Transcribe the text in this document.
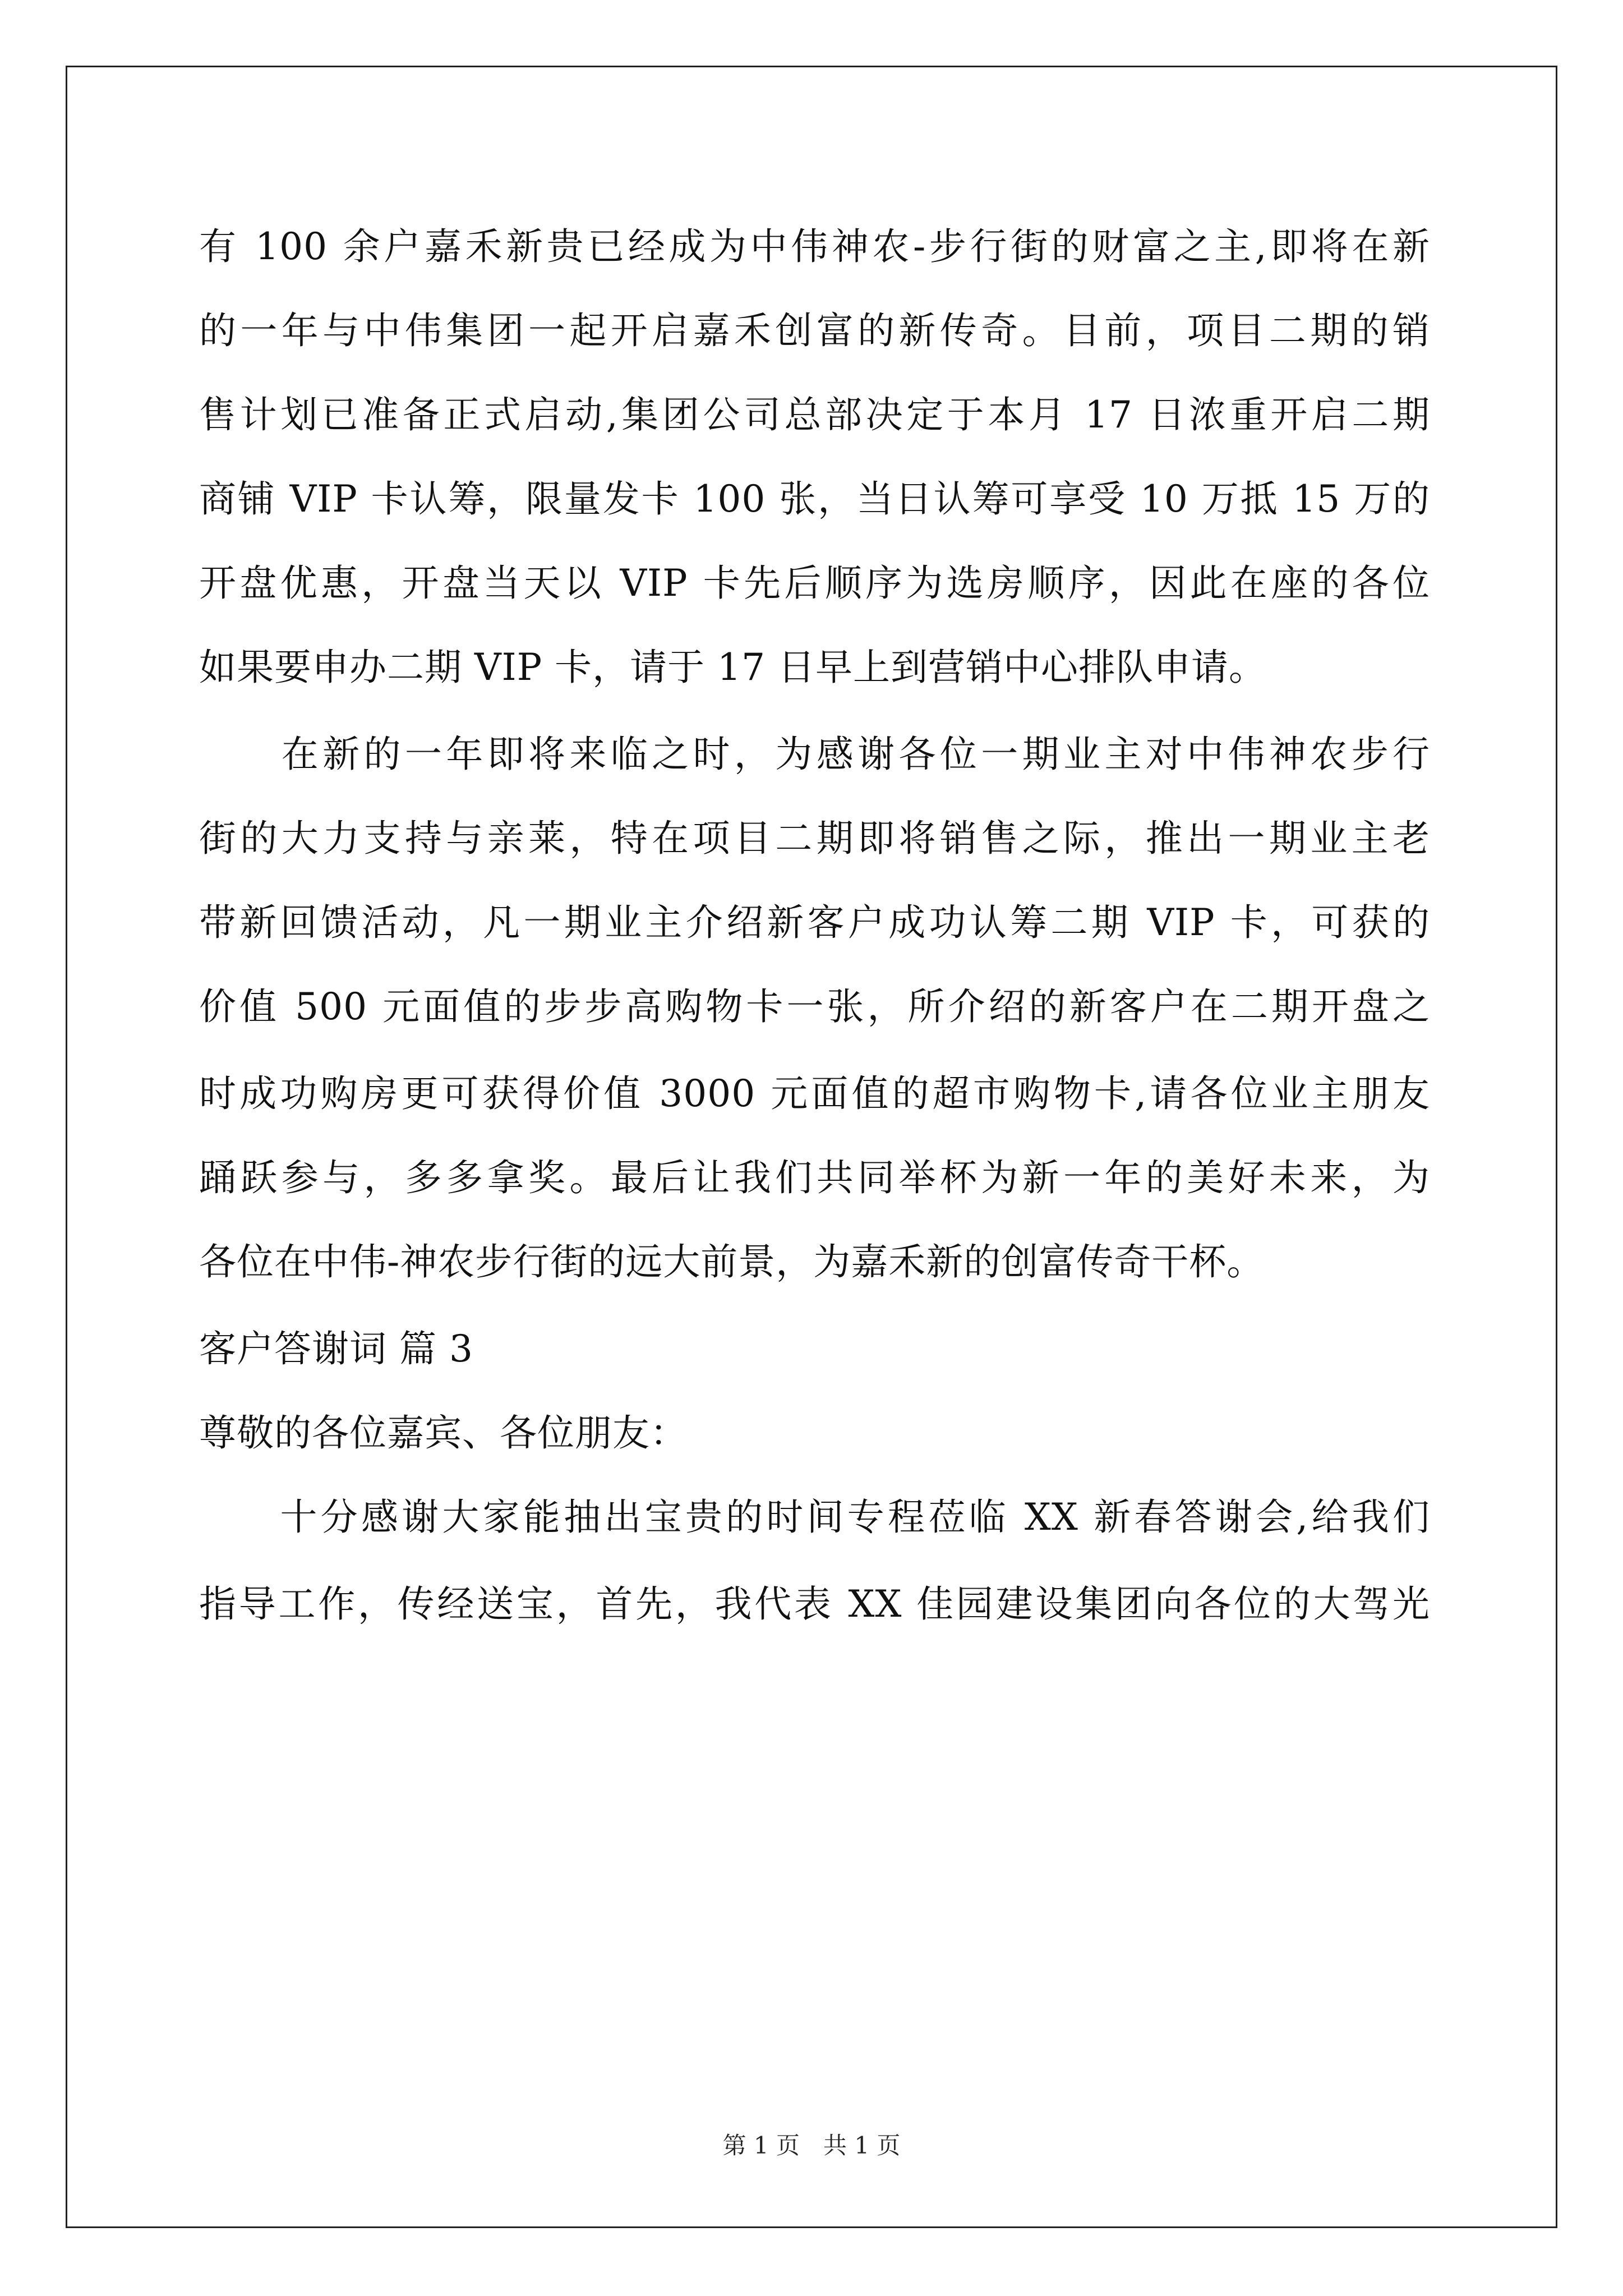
有 100 余户嘉禾新贵已经成为中伟神农-步行街的财富之主,即将在新
的一年与中伟集团一起开启嘉禾创富的新传奇。目前，项目二期的销
售计划已准备正式启动,集团公司总部决定于本月 17 日浓重开启二期
商铺 VIP 卡认筹，限量发卡 100 张，当日认筹可享受 10 万抵 15 万的
开盘优惠，开盘当天以 VIP 卡先后顺序为选房顺序，因此在座的各位
如果要申办二期 VIP 卡，请于 17 日早上到营销中心排队申请。
　　在新的一年即将来临之时，为感谢各位一期业主对中伟神农步行
街的大力支持与亲莱，特在项目二期即将销售之际，推出一期业主老
带新回馈活动，凡一期业主介绍新客户成功认筹二期 VIP 卡，可获的
价值 500 元面值的步步高购物卡一张，所介绍的新客户在二期开盘之
时成功购房更可获得价值 3000 元面值的超市购物卡,请各位业主朋友
踊跃参与，多多拿奖。最后让我们共同举杯为新一年的美好未来，为
各位在中伟-神农步行街的远大前景，为嘉禾新的创富传奇干杯。
客户答谢词 篇 3
尊敬的各位嘉宾、各位朋友：
　　十分感谢大家能抽出宝贵的时间专程莅临 XX 新春答谢会,给我们
指导工作，传经送宝，首先，我代表 XX 佳园建设集团向各位的大驾光
第 1 页　共 1 页
